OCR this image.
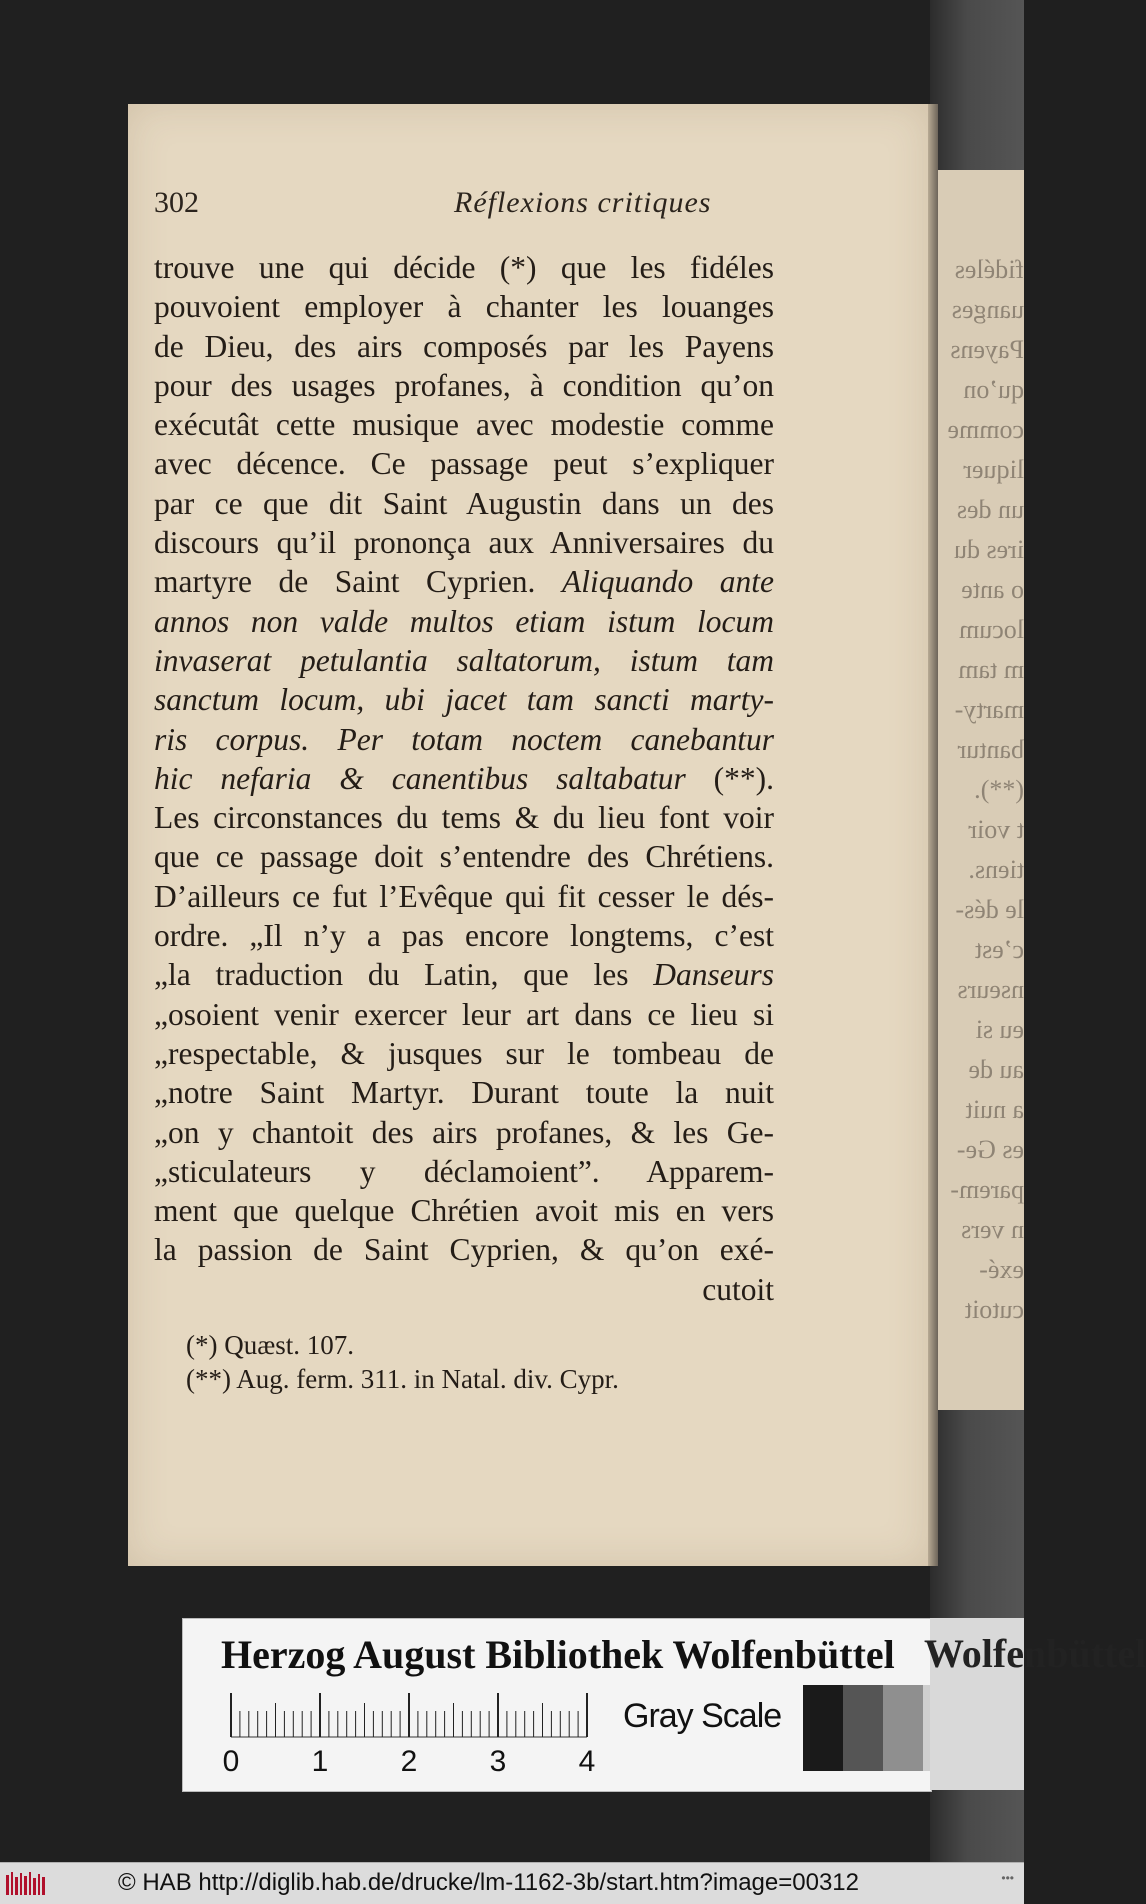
fidéles
uanges
Payens
qu’on
comme
liquer
un des
ires du
o ante
locum
m tam
marty-
bantur
(**).
t voir
tiens.
le dés-
c’est
nseurs
eu si
au de
a nuit
es Ge-
parem-
n vers
exé-
cutoit
302	Réflexions critiques
trouve une qui décide (*) que les fidéles
pouvoient employer à chanter les louanges
de Dieu, des airs composés par les Payens
pour des usages profanes, à condition qu’on
exécutât cette musique avec modestie comme
avec décence. Ce passage peut s’expliquer
par ce que dit Saint Augustin dans un des
discours qu’il prononça aux Anniversaires du
martyre de Saint Cyprien. Aliquando ante
annos non valde multos etiam istum locum
invaserat petulantia saltatorum, istum tam
sanctum locum, ubi jacet tam sancti marty-
ris corpus. Per totam noctem canebantur
hic nefaria & canentibus saltabatur (**).
Les circonstances du tems & du lieu font voir
que ce passage doit s’entendre des Chrétiens.
D’ailleurs ce fut l’Evêque qui fit cesser le dés-
ordre. „Il n’y a pas encore longtems, c’est
„la traduction du Latin, que les Danseurs
„osoient venir exercer leur art dans ce lieu si
„respectable, & jusques sur le tombeau de
„notre Saint Martyr. Durant toute la nuit
„on y chantoit des airs profanes, & les Ge-
„sticulateurs y déclamoient”. Apparem-
ment que quelque Chrétien avoit mis en vers
la passion de Saint Cyprien, & qu’on exé-
cutoit
(*) Quæst. 107.
(**) Aug. ferm. 311. in Natal. div. Cypr.
Herzog August Bibliothek Wolfenbüttel
0 1 2 3 4
Gray Scale
Wolfenbüttel
© HAB http://diglib.hab.de/drucke/lm-1162-3b/start.htm?image=00312	•••
